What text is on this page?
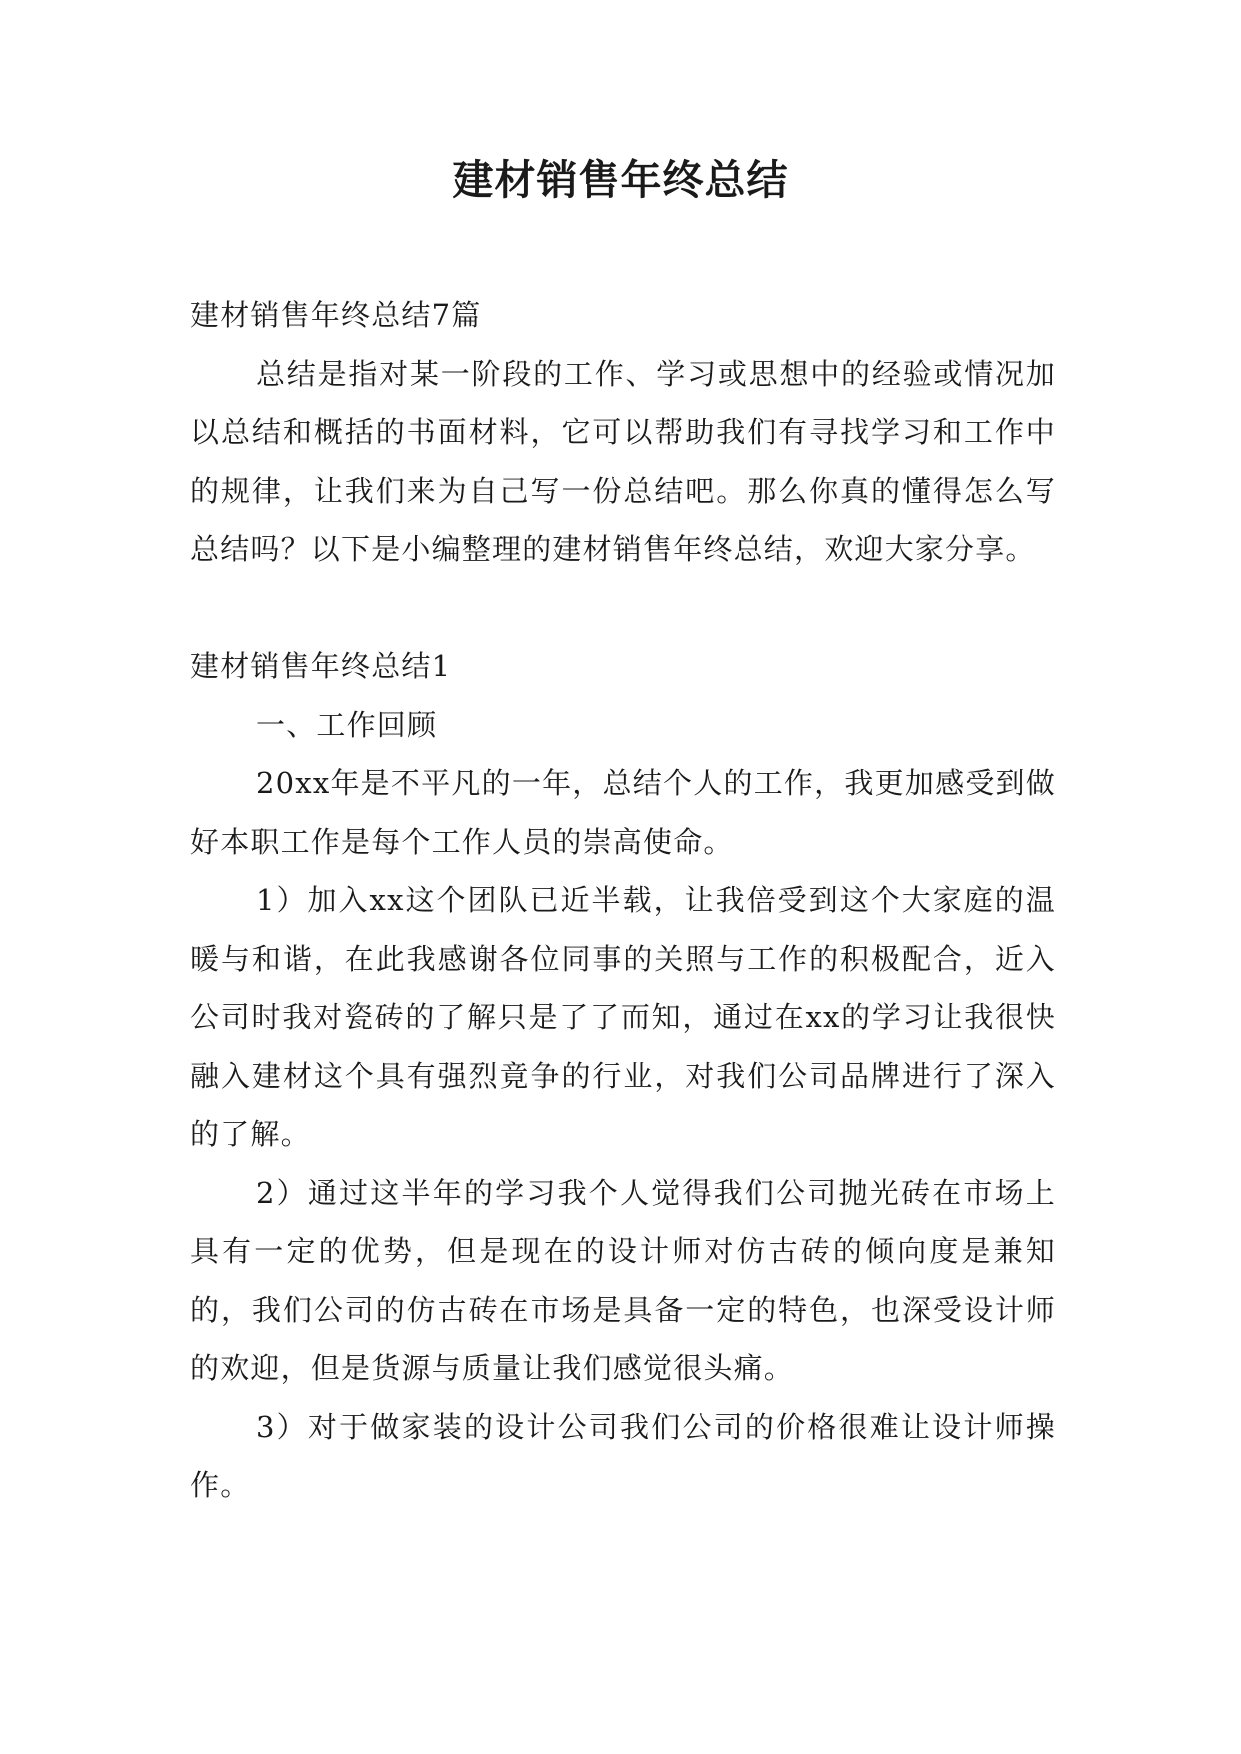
建材销售年终总结

建材销售年终总结7篇

总结是指对某一阶段的工作、学习或思想中的经验或情况加以总结和概括的书面材料，它可以帮助我们有寻找学习和工作中的规律，让我们来为自己写一份总结吧。那么你真的懂得怎么写总结吗？以下是小编整理的建材销售年终总结，欢迎大家分享。

建材销售年终总结1

一、工作回顾

20xx年是不平凡的一年，总结个人的工作，我更加感受到做好本职工作是每个工作人员的崇高使命。

1）加入xx这个团队已近半载，让我倍受到这个大家庭的温暖与和谐，在此我感谢各位同事的关照与工作的积极配合，近入公司时我对瓷砖的了解只是了了而知，通过在xx的学习让我很快融入建材这个具有强烈竟争的行业，对我们公司品牌进行了深入的了解。

2）通过这半年的学习我个人觉得我们公司抛光砖在市场上具有一定的优势，但是现在的设计师对仿古砖的倾向度是兼知的，我们公司的仿古砖在市场是具备一定的特色，也深受设计师的欢迎，但是货源与质量让我们感觉很头痛。

3）对于做家装的设计公司我们公司的价格很难让设计师操作。
